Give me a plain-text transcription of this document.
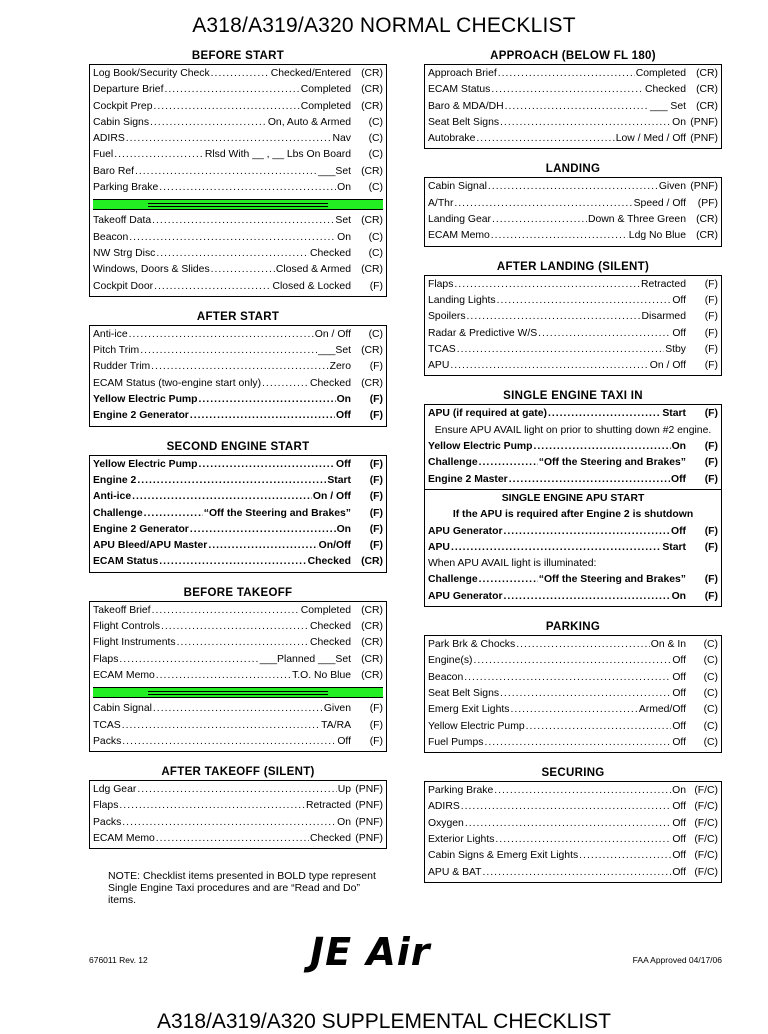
A318/A319/A320 NORMAL CHECKLIST
BEFORE START
Log Book/Security Check .....	Checked/Entered (CR)
Departure Brief .....	Completed (CR)
Cockpit Prep .....	Completed (CR)
Cabin Signs .....	On, Auto & Armed	(C)
ADIRS .....	Nav	(C)
Fuel .....	Rlsd With __ , __ Lbs On Board	(C)
Baro Ref .....	___Set (CR)
Parking Brake .....	On	(C)
Takeoff Data .....	Set (CR)
Beacon .....	On	(C)
NW Strg Disc .....	Checked	(C)
Windows, Doors & Slides .....	Closed & Armed (CR)
Cockpit Door .....	Closed & Locked	(F)
AFTER START
Anti-ice .....	On / Off	(C)
Pitch Trim .....	___Set (CR)
Rudder Trim .....	Zero	(F)
ECAM Status (two-engine start only) .....	Checked (CR)
Yellow Electric Pump .....	On	(F)
Engine 2 Generator .....	Off	(F)
SECOND ENGINE START
Yellow Electric Pump .....	Off	(F)
Engine 2 .....	Start	(F)
Anti-ice .....	On / Off	(F)
Challenge .....	“Off the Steering and Brakes”	(F)
Engine 2 Generator .....	On	(F)
APU Bleed/APU Master .....	On/Off	(F)
ECAM Status .....	Checked (CR)
BEFORE TAKEOFF
Takeoff Brief .....	Completed (CR)
Flight Controls .....	Checked (CR)
Flight Instruments .....	Checked (CR)
Flaps .....	___Planned ___Set (CR)
ECAM Memo .....	T.O. No Blue (CR)
Cabin Signal .....	Given	(F)
TCAS .....	TA/RA	(F)
Packs .....	Off	(F)
AFTER TAKEOFF (SILENT)
Ldg Gear .....	Up (PNF)
Flaps .....	Retracted (PNF)
Packs .....	On (PNF)
ECAM Memo .....	Checked (PNF)
APPROACH (BELOW FL 180)
Approach Brief .....	Completed (CR)
ECAM Status .....	Checked (CR)
Baro & MDA/DH .....	___ Set (CR)
Seat Belt Signs .....	On (PNF)
Autobrake .....	Low / Med / Off (PNF)
LANDING
Cabin Signal .....	Given (PNF)
A/Thr .....	Speed / Off	(PF)
Landing Gear .....	Down & Three Green (CR)
ECAM Memo .....	Ldg No Blue (CR)
AFTER LANDING (SILENT)
Flaps .....	Retracted	(F)
Landing Lights .....	Off	(F)
Spoilers .....	Disarmed	(F)
Radar & Predictive W/S .....	Off	(F)
TCAS .....	Stby	(F)
APU .....	On / Off	(F)
SINGLE ENGINE TAXI IN
APU (if required at gate) .....	Start	(F)
Ensure APU AVAIL light on prior to shutting down #2 engine.
Yellow Electric Pump .....	On	(F)
Challenge .....	“Off the Steering and Brakes”	(F)
Engine 2 Master .....	Off	(F)
SINGLE ENGINE APU START
If the APU is required after Engine 2 is shutdown
APU Generator .....	Off	(F)
APU .....	Start	(F)
When APU AVAIL light is illuminated:
Challenge .....	“Off the Steering and Brakes”	(F)
APU Generator .....	On	(F)
PARKING
Park Brk & Chocks .....	On & In	(C)
Engine(s) .....	Off	(C)
Beacon .....	Off	(C)
Seat Belt Signs .....	Off	(C)
Emerg Exit Lights .....	Armed/Off	(C)
Yellow Electric Pump .....	Off	(C)
Fuel Pumps .....	Off	(C)
SECURING
Parking Brake .....	On (F/C)
ADIRS .....	Off (F/C)
Oxygen .....	Off (F/C)
Exterior Lights .....	Off (F/C)
Cabin Signs & Emerg Exit Lights .....	Off (F/C)
APU & BAT .....	Off (F/C)
NOTE: Checklist items presented in BOLD type represent Single Engine Taxi procedures and are “Read and Do” items.
676011 Rev. 12	JE Air	FAA Approved 04/17/06
A318/A319/A320 SUPPLEMENTAL CHECKLIST
